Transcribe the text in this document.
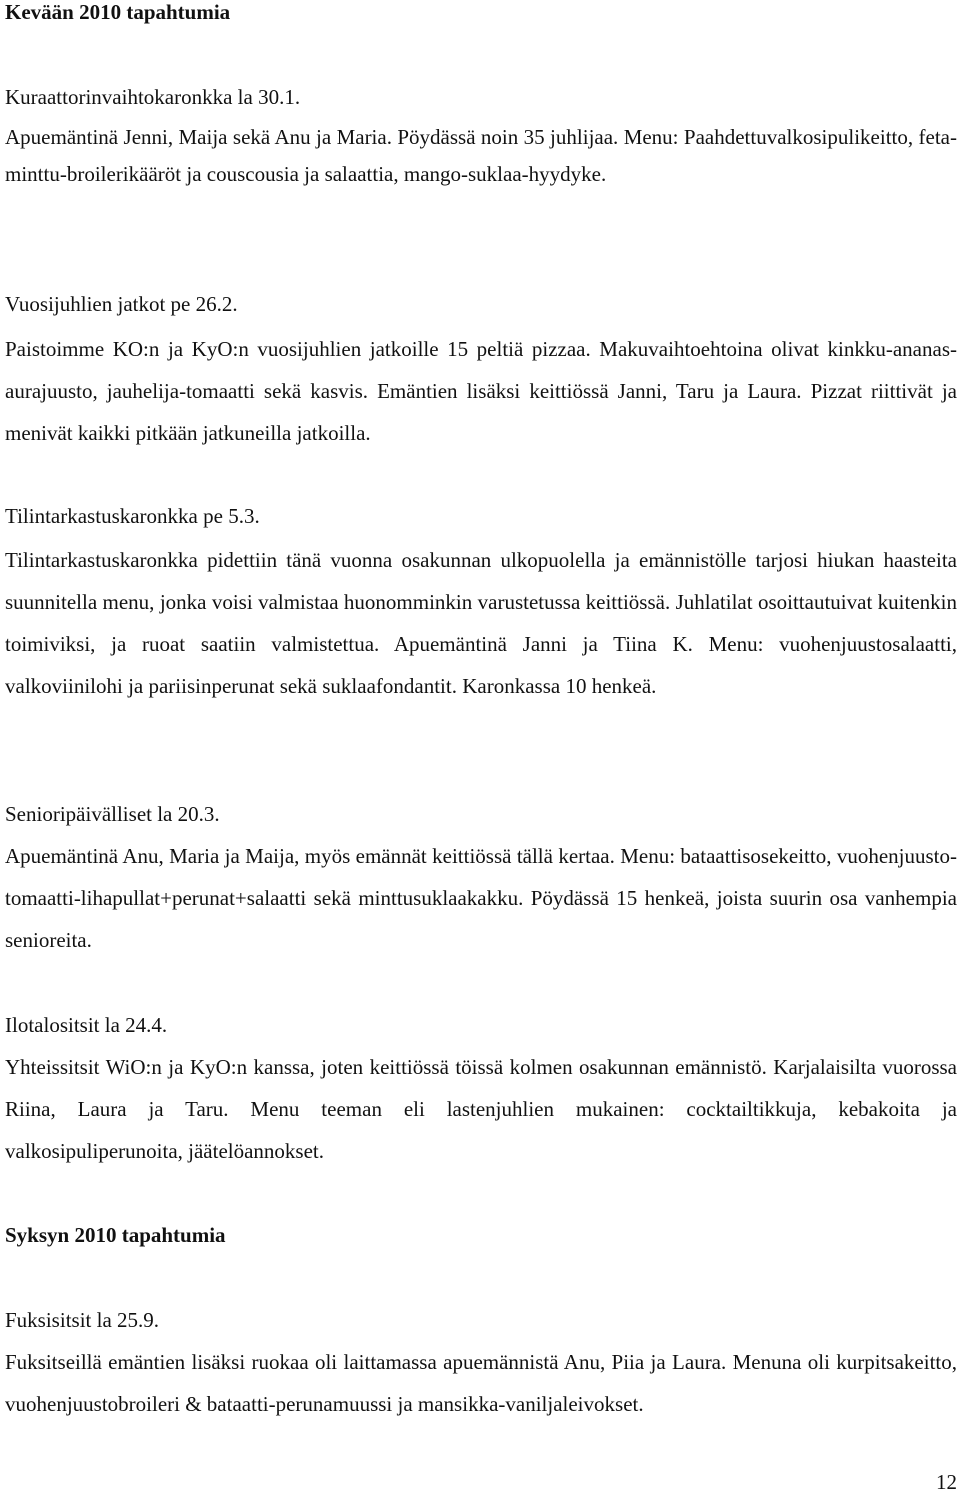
Kevään 2010 tapahtumia
Kuraattorinvaihtokaronkka la 30.1.
Apuemäntinä Jenni, Maija sekä Anu ja Maria. Pöydässä noin 35 juhlijaa. Menu: Paahdettuvalkosipulikeitto, feta-minttu-broilerikääröt ja couscousia ja salaattia, mango-suklaa-hyydyke.
Vuosijuhlien jatkot pe 26.2.
Paistoimme KO:n ja KyO:n vuosijuhlien jatkoille 15 peltiä pizzaa. Makuvaihtoehtoina olivat kinkku-ananas-aurajuusto, jauhelija-tomaatti sekä kasvis. Emäntien lisäksi keittiössä Janni, Taru ja Laura. Pizzat riittivät ja menivät kaikki pitkään jatkuneilla jatkoilla.
Tilintarkastuskaronkka pe 5.3.
Tilintarkastuskaronkka pidettiin tänä vuonna osakunnan ulkopuolella ja emännistölle tarjosi hiukan haasteita suunnitella menu, jonka voisi valmistaa huonomminkin varustetussa keittiössä. Juhlatilat osoittautuivat kuitenkin toimiviksi, ja ruoat saatiin valmistettua. Apuemäntinä Janni ja Tiina K. Menu: vuohenjuustosalaatti, valkoviinilohi ja pariisinperunat sekä suklaafondantit. Karonkassa 10 henkeä.
Senioripäivälliset la 20.3.
Apuemäntinä Anu, Maria ja Maija, myös emännät keittiössä tällä kertaa. Menu: bataattisosekeitto, vuohenjuusto-tomaatti-lihapullat+perunat+salaatti sekä minttusuklaakakku. Pöydässä 15 henkeä, joista suurin osa vanhempia senioreita.
Ilotalositsit la 24.4.
Yhteissitsit WiO:n ja KyO:n kanssa, joten keittiössä töissä kolmen osakunnan emännistö. Karjalaisilta vuorossa Riina, Laura ja Taru. Menu teeman eli lastenjuhlien mukainen: cocktailtikkuja, kebakoita ja valkosipuliperunoita, jäätelöannokset.
Syksyn 2010 tapahtumia
Fuksisitsit la 25.9.
Fuksitseillä emäntien lisäksi ruokaa oli laittamassa apuemännistä Anu, Piia ja Laura. Menuna oli kurpitsakeitto, vuohenjuustobroileri & bataatti-perunamuussi ja mansikka-vaniljaleivokset.
12
